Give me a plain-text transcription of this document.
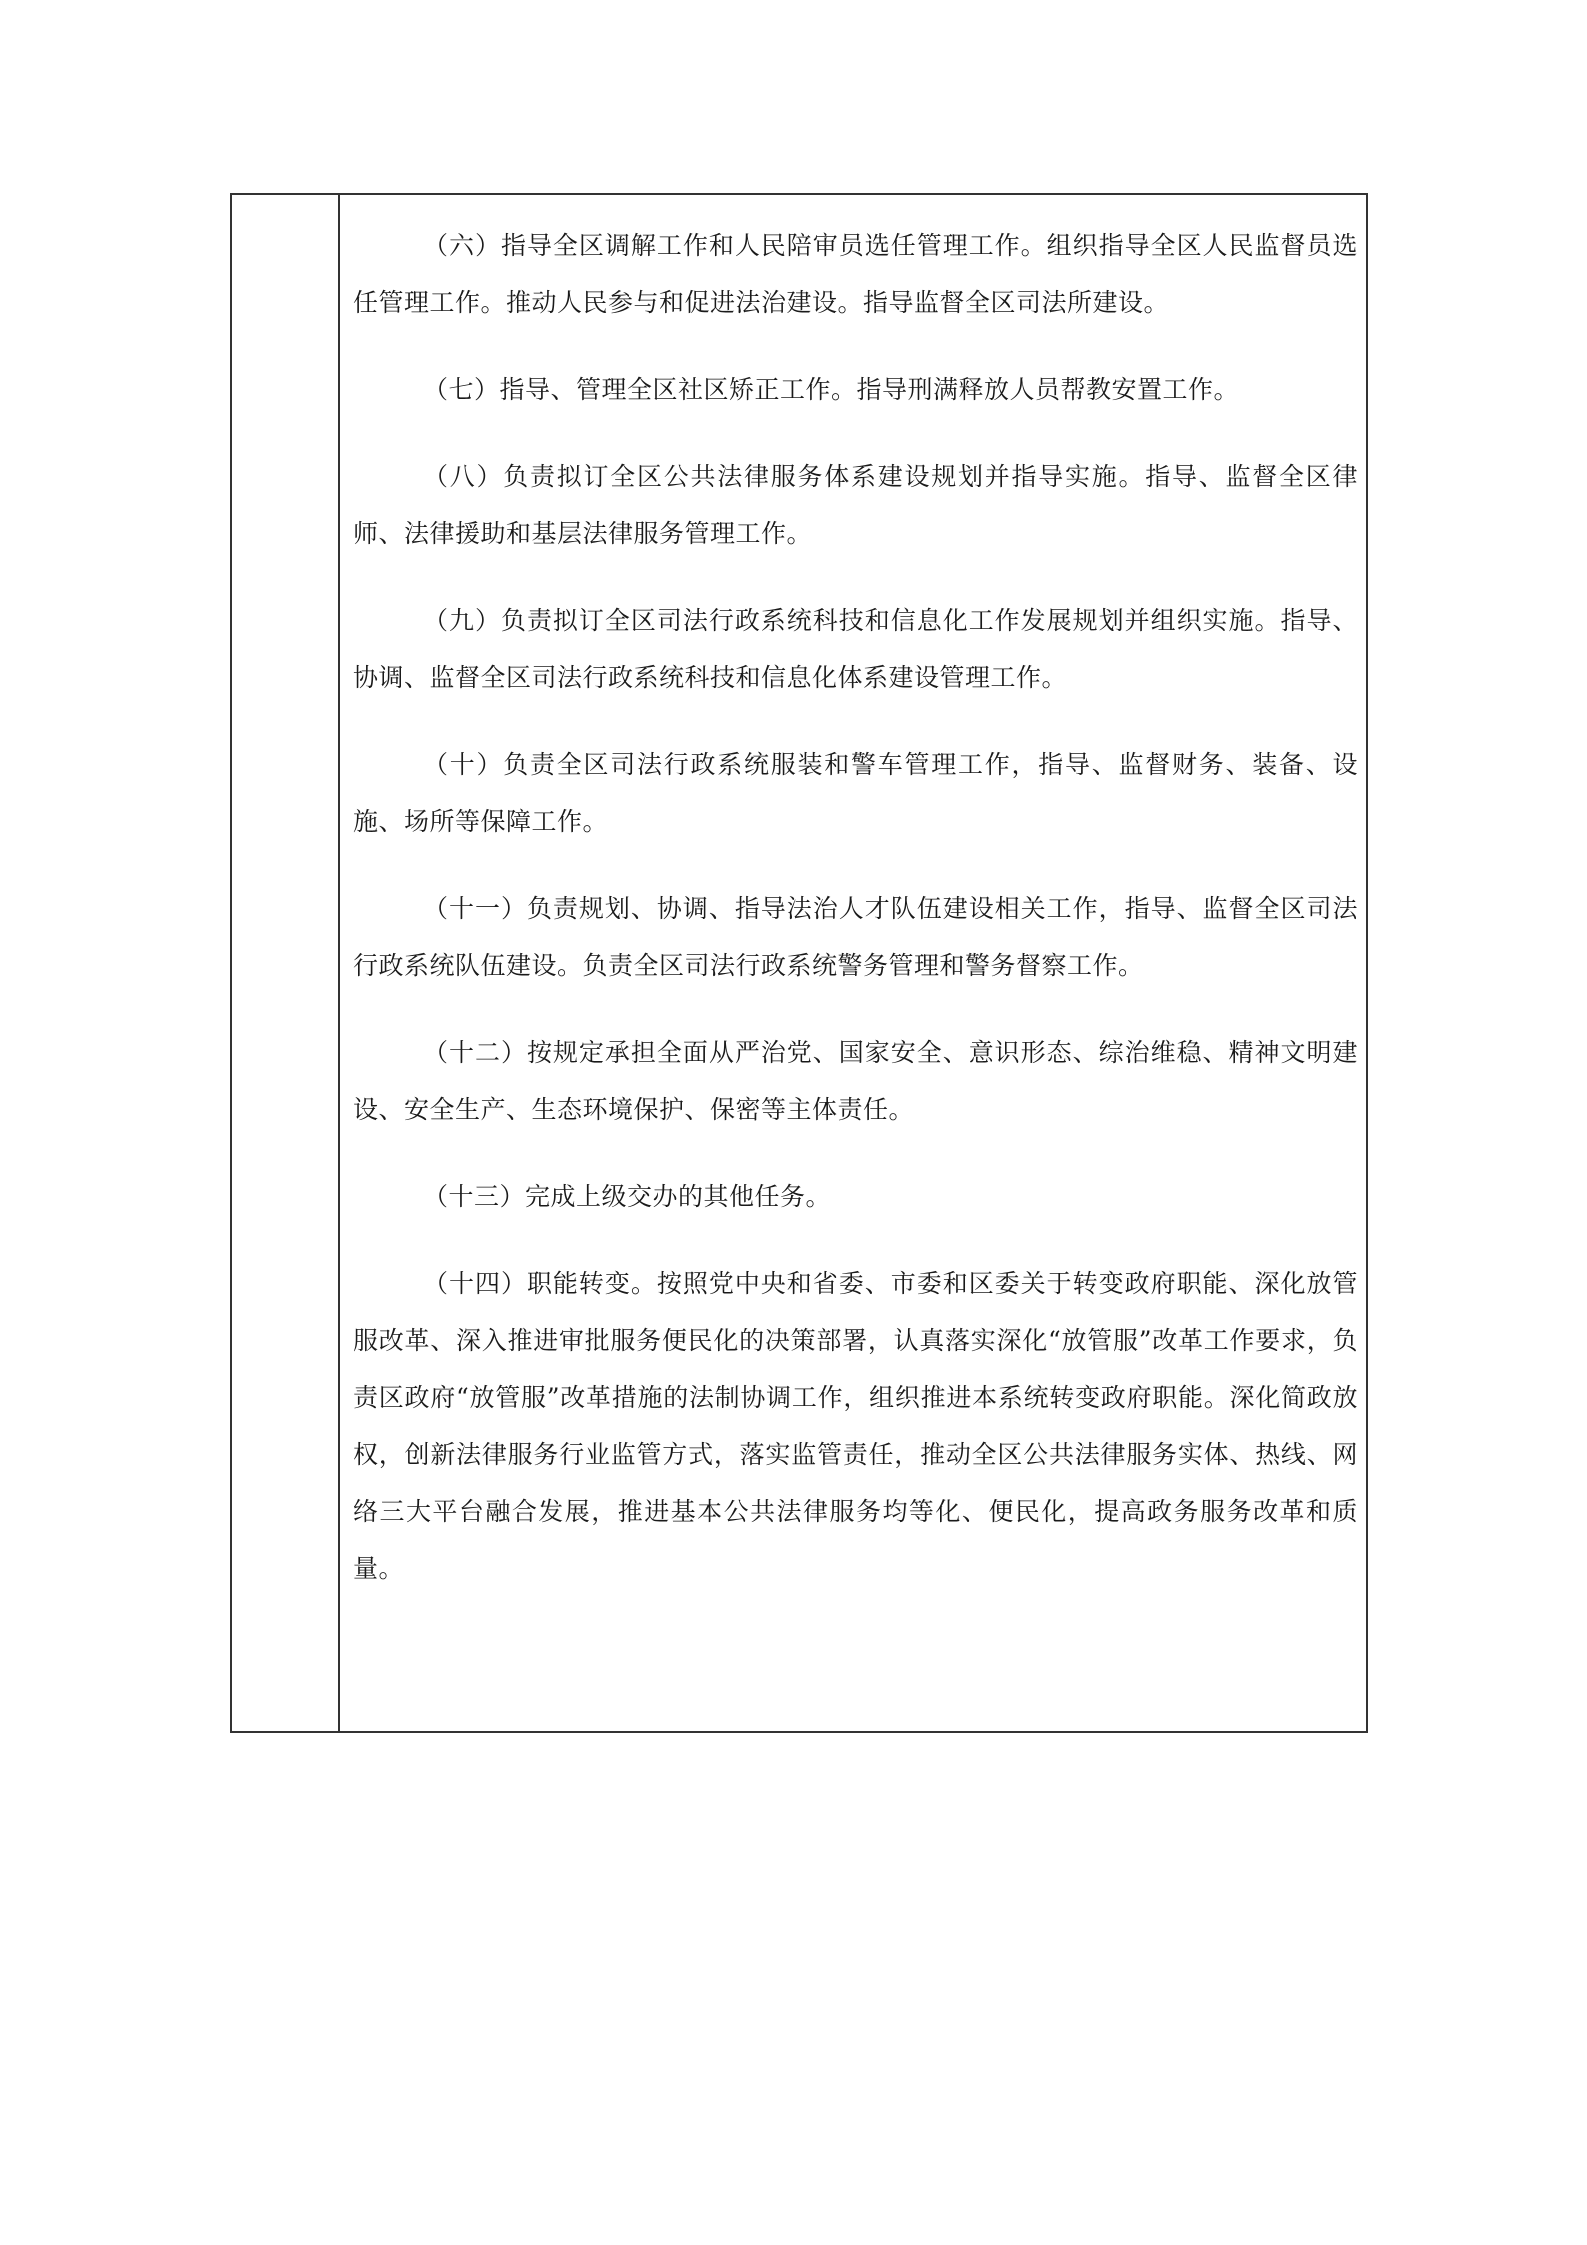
（六）指导全区调解工作和人民陪审员选任管理工作。组织指导全区人民监督员选任管理工作。推动人民参与和促进法治建设。指导监督全区司法所建设。

（七）指导、管理全区社区矫正工作。指导刑满释放人员帮教安置工作。

（八）负责拟订全区公共法律服务体系建设规划并指导实施。指导、监督全区律师、法律援助和基层法律服务管理工作。

（九）负责拟订全区司法行政系统科技和信息化工作发展规划并组织实施。指导、协调、监督全区司法行政系统科技和信息化体系建设管理工作。

（十）负责全区司法行政系统服装和警车管理工作，指导、监督财务、装备、设施、场所等保障工作。

（十一）负责规划、协调、指导法治人才队伍建设相关工作，指导、监督全区司法行政系统队伍建设。负责全区司法行政系统警务管理和警务督察工作。

（十二）按规定承担全面从严治党、国家安全、意识形态、综治维稳、精神文明建设、安全生产、生态环境保护、保密等主体责任。

（十三）完成上级交办的其他任务。

（十四）职能转变。按照党中央和省委、市委和区委关于转变政府职能、深化放管服改革、深入推进审批服务便民化的决策部署，认真落实深化“放管服”改革工作要求，负责区政府“放管服”改革措施的法制协调工作，组织推进本系统转变政府职能。深化简政放权，创新法律服务行业监管方式，落实监管责任，推动全区公共法律服务实体、热线、网络三大平台融合发展，推进基本公共法律服务均等化、便民化，提高政务服务改革和质量。
